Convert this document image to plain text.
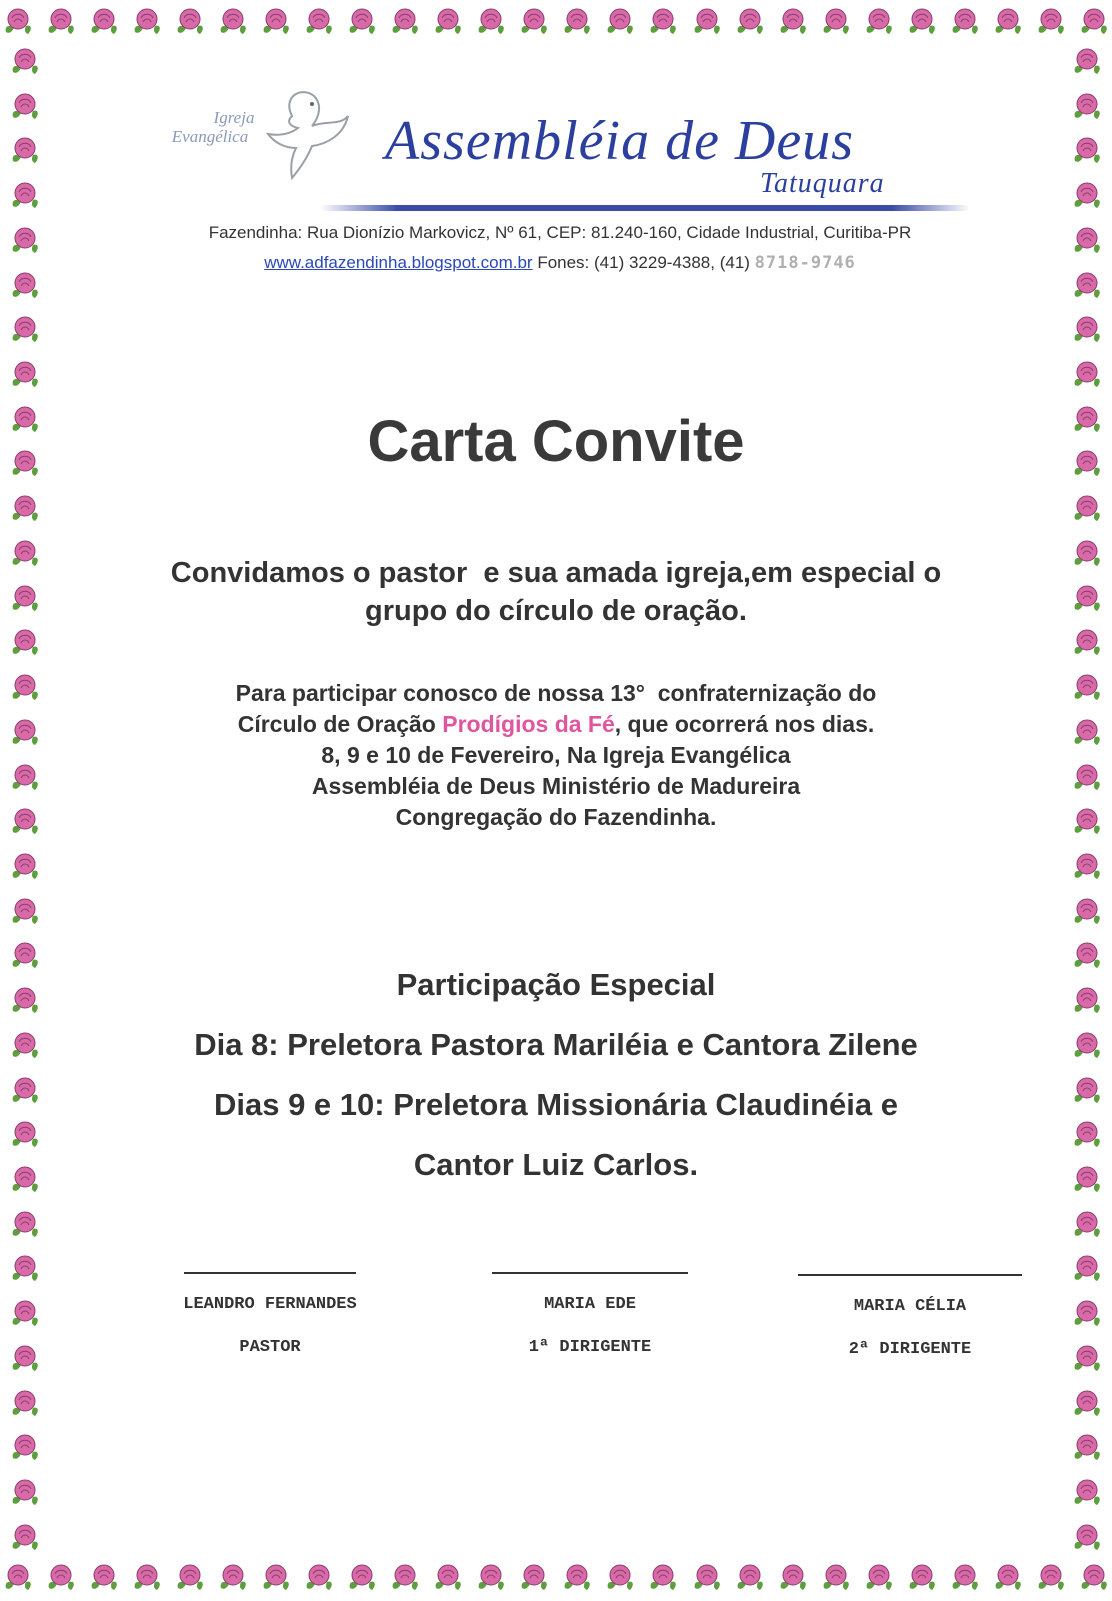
Igreja
Evangélica	Assembléia de Deus
Tatuquara
Fazendinha: Rua Dionízio Markovicz, Nº 61, CEP: 81.240-160, Cidade Industrial, Curitiba-PR
www.adfazendinha.blogspot.com.br Fones: (41) 3229-4388, (41) 8718-9746
Carta Convite
Convidamos o pastor  e sua amada igreja,em especial o
grupo do círculo de oração.
Para participar conosco de nossa 13°  confraternização do
Círculo de Oração Prodígios da Fé, que ocorrerá nos dias.
8, 9 e 10 de Fevereiro, Na Igreja Evangélica
Assembléia de Deus Ministério de Madureira
Congregação do Fazendinha.
Participação Especial
Dia 8: Preletora Pastora Mariléia e Cantora Zilene
Dias 9 e 10: Preletora Missionária Claudinéia e
Cantor Luiz Carlos.
LEANDRO FERNANDES
PASTOR
MARIA EDE
1ª DIRIGENTE
MARIA CÉLIA
2ª DIRIGENTE
